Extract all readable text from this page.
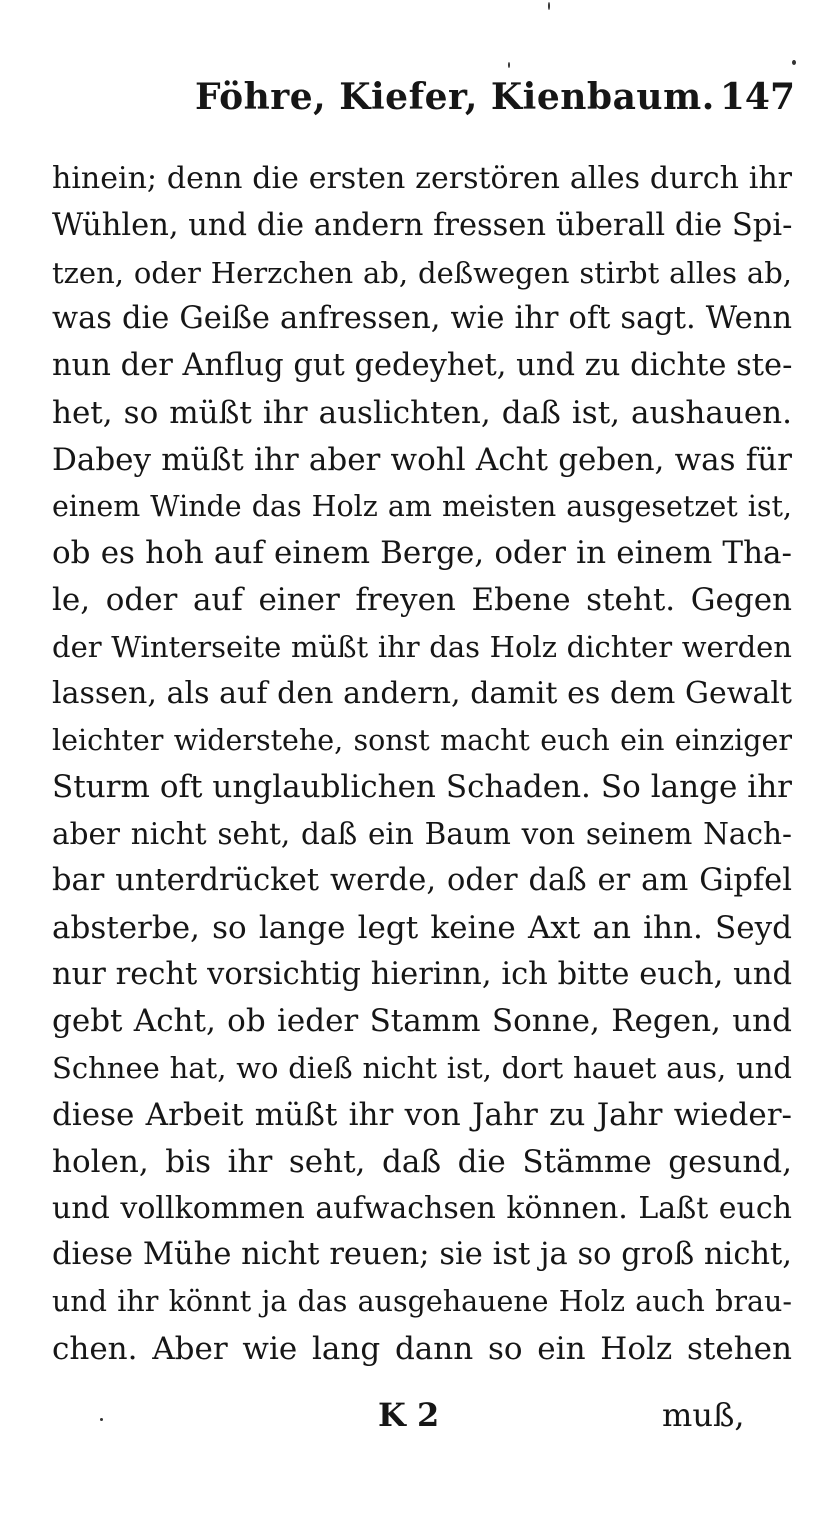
Föhre, Kiefer, Kienbaum. 147
hinein; denn die ersten zerstören alles durch ihr
Wühlen, und die andern fressen überall die Spi-
tzen, oder Herzchen ab, deßwegen stirbt alles ab,
was die Geiße anfressen, wie ihr oft sagt. Wenn
nun der Anflug gut gedeyhet, und zu dichte ste-
het, so müßt ihr auslichten, daß ist, aushauen.
Dabey müßt ihr aber wohl Acht geben, was für
einem Winde das Holz am meisten ausgesetzet ist,
ob es hoh auf einem Berge, oder in einem Tha-
le, oder auf einer freyen Ebene steht. Gegen
der Winterseite müßt ihr das Holz dichter werden
lassen, als auf den andern, damit es dem Gewalt
leichter widerstehe, sonst macht euch ein einziger
Sturm oft unglaublichen Schaden. So lange ihr
aber nicht seht, daß ein Baum von seinem Nach-
bar unterdrücket werde, oder daß er am Gipfel
absterbe, so lange legt keine Axt an ihn. Seyd
nur recht vorsichtig hierinn, ich bitte euch, und
gebt Acht, ob ieder Stamm Sonne, Regen, und
Schnee hat, wo dieß nicht ist, dort hauet aus, und
diese Arbeit müßt ihr von Jahr zu Jahr wieder-
holen, bis ihr seht, daß die Stämme gesund,
und vollkommen aufwachsen können. Laßt euch
diese Mühe nicht reuen; sie ist ja so groß nicht,
und ihr könnt ja das ausgehauene Holz auch brau-
chen. Aber wie lang dann so ein Holz stehen
K 2	muß,
